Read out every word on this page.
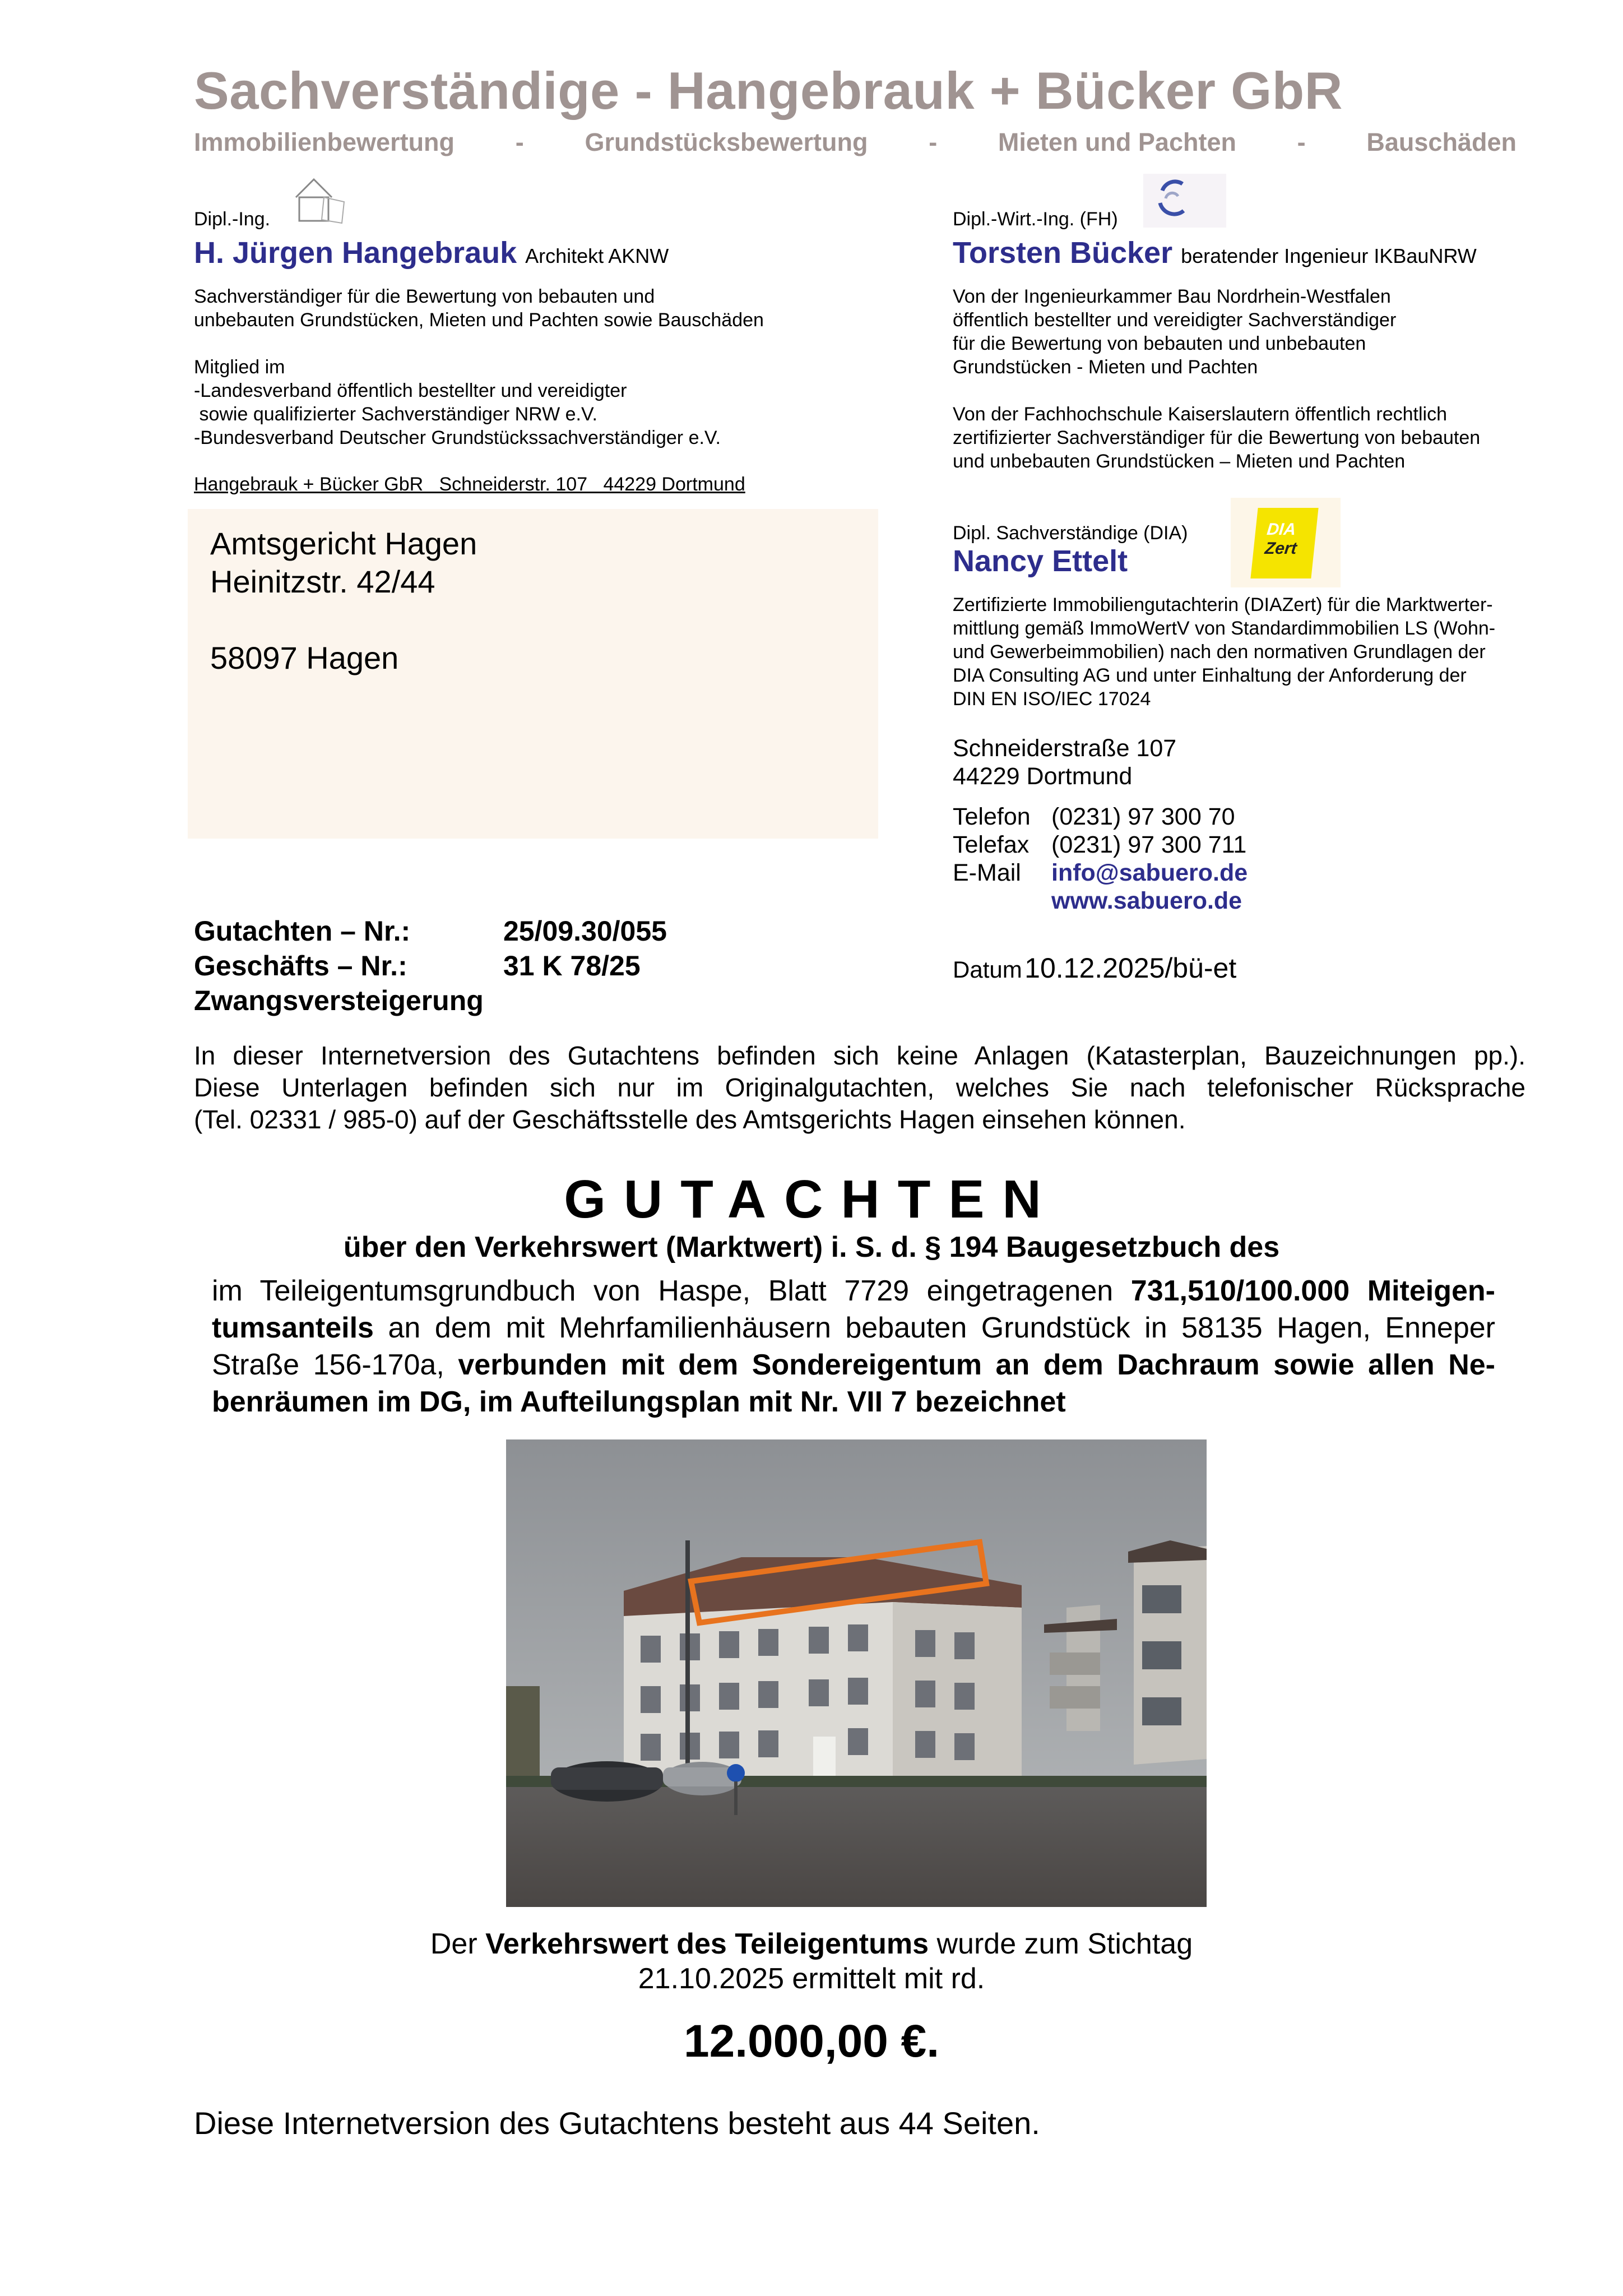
Sachverständige - Hangebrauk + Bücker GbR
Immobilienbewertung - Grundstücksbewertung - Mieten und Pachten - Bauschäden
Dipl.-Ing.
H. Jürgen Hangebrauk Architekt AKNW
Sachverständiger für die Bewertung von bebauten und
unbebauten Grundstücken, Mieten und Pachten sowie Bauschäden
Mitglied im
-Landesverband öffentlich bestellter und vereidigter
sowie qualifizierter Sachverständiger NRW e.V.
-Bundesverband Deutscher Grundstückssachverständiger e.V.
Hangebrauk + Bücker GbR   Schneiderstr. 107   44229 Dortmund
Dipl.-Wirt.-Ing. (FH)
Torsten Bücker beratender Ingenieur IKBauNRW
Von der Ingenieurkammer Bau Nordrhein-Westfalen
öffentlich bestellter und vereidigter Sachverständiger
für die Bewertung von bebauten und unbebauten
Grundstücken - Mieten und Pachten
Von der Fachhochschule Kaiserslautern öffentlich rechtlich
zertifizierter Sachverständiger für die Bewertung von bebauten
und unbebauten Grundstücken – Mieten und Pachten
Amtsgericht Hagen
Heinitzstr. 42/44
58097 Hagen
Dipl. Sachverständige (DIA)	DIA
Zert
Nancy Ettelt
Zertifizierte Immobiliengutachterin (DIAZert) für die Marktwerter-
mittlung gemäß ImmoWertV von Standardimmobilien LS (Wohn-
und Gewerbeimmobilien) nach den normativen Grundlagen der
DIA Consulting AG und unter Einhaltung der Anforderung der
DIN EN ISO/IEC 17024
Schneiderstraße 107
44229 Dortmund
Telefon (0231) 97 300 70
Telefax (0231) 97 300 711
E-Mail info@sabuero.de
www.sabuero.de
Gutachten – Nr.:	25/09.30/055
Geschäfts – Nr.:	31 K 78/25
Zwangsversteigerung
Datum 10.12.2025/bü-et
In dieser Internetversion des Gutachtens befinden sich keine Anlagen (Katasterplan, Bauzeichnungen pp.).
Diese Unterlagen befinden sich nur im Originalgutachten, welches Sie nach telefonischer Rücksprache
(Tel. 02331 / 985-0) auf der Geschäftsstelle des Amtsgerichts Hagen einsehen können.
GUTACHTEN
über den Verkehrswert (Marktwert) i. S. d. § 194 Baugesetzbuch des
im Teileigentumsgrundbuch von Haspe, Blatt 7729 eingetragenen 731,510/100.000 Miteigen-
tumsanteils an dem mit Mehrfamilienhäusern bebauten Grundstück in 58135 Hagen, Enneper
Straße 156-170a, verbunden mit dem Sondereigentum an dem Dachraum sowie allen Ne-
benräumen im DG, im Aufteilungsplan mit Nr. VII 7 bezeichnet
Der Verkehrswert des Teileigentums wurde zum Stichtag
21.10.2025 ermittelt mit rd.
12.000,00 €.
Diese Internetversion des Gutachtens besteht aus 44 Seiten.
